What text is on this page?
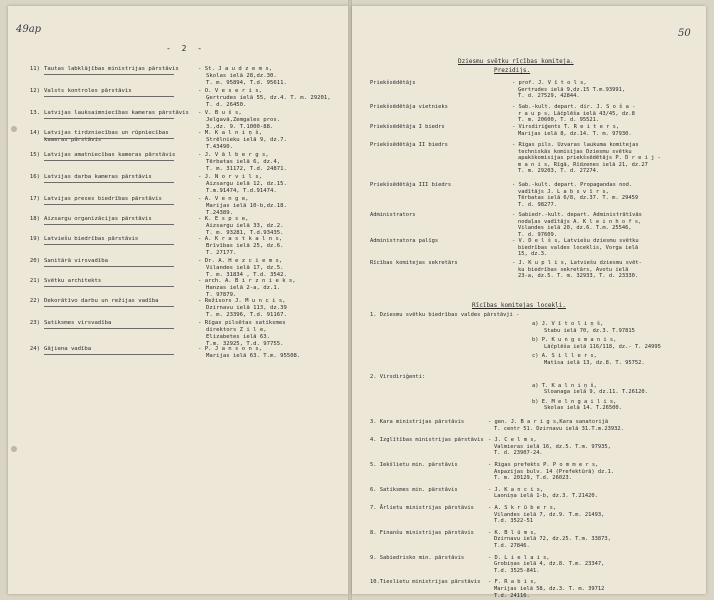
49ap
- 2 -
11) Tautas labklājības ministrijas pārstāvis	- St. J a u d z e m s,
Skolas ielā 28,dz.30.
T. m. 95894, T.d. 95611.
12) Valsts kontroles pārstāvis	- O. V e s e r i s,
Ģertrudes ielā 55, dz.4. T. m. 29201,
T. d. 26450.
13. Latvijas lauksaimniecības kameras pārstāvis	- V. B u š s,
Jelgavā,Zemgales pros.
3.,dz. 9. T.1000-88.
14) Latvijas tirdzniecības un rūpniecības kameras pārstāvis
- M. K a l n i ņ š,
Strēlnieku ielā 9, dz.7.
T.43490.
15) Latvijas amatniecības kameras pārstāvis	- J. V ā l b e r g s,
Tērbatas ielā 6, dz.4,
T. m. 31172, T.d. 24871.
16) Latvijas darba kameras pārstāvis	- J. N o r v i l s,
Aizsargu ielā 12, dz.15.
T.m.91474, T.d.91474.
17) Latvijas preses biedrības pārstāvis	- A. V e n g e,
Marijas ielā 10-b,dz.18.
T.24389.
18) Aizsargu organizācijas pārstāvis	- K. E s p s e,
Aizsargu ielā 33, dz.2.
T. m. 93281, T.d.93435.
19) Latviešu biedrības pārstāvis	- A. K r a s t k a l n s,
Brīvības ielā 25, dz.6.
T. 27177.
20) Sanitārā virsvadība	- Dr. A. H e z c i e m s,
Vilandes ielā 17, dz.5.
T. m. 31834 , T.d. 3542.
21) Svētku architekts	- arch. A. B i r z n i e k s,
Hanzas ielā 2-a, dz.1.
T. 97879.
22) Dekorātīvo darbu un režijas vadība	- Režisors J. M u n c i s,
Dzirnavu ielā 113, dz.39
T. m. 23396, T.d. 91167.
23) Satiksmes virsvadība	- Rīgas pilsētas satiksmes
direktors Z i l e,
Elizabetes ielā 63.
T.m. 32925, T.d. 97755.
24) Gājiena vadība	- P. J a n s o n s,
Marijas ielā 63. T.m. 95508.
50
Dziesmu svētku rīcības komiteja.
Prezidijs.
Priekšsēdētājs	- prof. J. V ī t o l s,
Ģertrudes ielā 9,dz.15 T.m.93991,
T. d. 27529, 42844.
Priekšsēdētāja vietnieks	- Sab.-kult. depart. dir. J. S o š a -
r a u p s, Lāčplēša ielā 43/45, dz.8
T. m. 20600, T. d. 95521.
Priekšsēdētāja I biedrs	- Virsdiriģents T. R e i t e r s,
Marijas ielā 8, dz.14. T. m. 97930.
Priekšsēdētāja II biedrs	- Rīgas pils. Uzvaras laukuma komitejas
techniskās komisijas Dziesmu svētku
apakškomisijas priekšsēdētājs P. D r e i j -
m a n i s, Rīgā, Rīdzenes ielā 21, dz.27
T. m. 29203, T. d. 27274.
Priekšsēdētāja III biedrs	- Sab.-kult. depart. Propagandas nod.
vadītājs J. L a b s v ī r s,
Tērbatas ielā 6/8, dz.37. T. m. 29459
T. d. 98277.
Administrators	- Sabiedr.-kult. depart. Administrātīvās
nodaļas vadītājs A. K l e i n h o f s,
Vilandes ielā 20, dz.6. T.m. 25546,
T. d. 97609.
Administratora palīgs	- V. D e l š s, Latviešu dziesmu svētku
biedrības valdes loceklis, Vorga ielā
15, dz.3.
Rīcības komitejas sekretārs	- J. K u p l i s, Latviešu dziesmu svēt-
ku biedrības sekretārs, Avotu ielā
23-a, dz.5. T. m. 32933, T. d. 23330.
Rīcības komitejas locekļi.
1. Dziesmu svētku biedrības valdes pārstāvji -
a) J. V ī t o l i ņ š,
Stabu ielā 70, dz.3. T.97815
b) P. K u n g s m a n i s,
Lāčplēša ielā 116/118, dz.- T. 24995
c) A. S i l l e r s,
Matīsa ielā 13, dz.8. T. 95752.
2. Virsdiriģenti:
a) T. K a l n i ņ š,
Sloanaga ielā 9, dz.11. T.26120.
b) E. M e l n g a i l i s,
Skolas ielā 14. T.26500.
3. Kara ministrijas pārstāvis	- gen. J. B a r i g s,Kara sanatorijā
T. centr 51. Dzirnavu ielā 31.T.m.23932.
4. Izglītības ministrijas pārstāvis - J. C e l m s,
Valmieras ielā 16, dz.5. T.m. 97935,
T. d. 23907-24.
5. Iekšlietu min. pārstāvis	- Rīgas prefekts P. P o m m e r s,
Aspazijas bulv. 14 (Prefektūrā) dz.1.
T. m. 20129, T.d. 26023.
6. Satiksmes min. pārstāvis	- J. K a n c i s,
Laoniņa ielā 1-b, dz.3. T.21420.
7. Ārlietu ministrijas pārstāvis	- A. S k r ū b e r s,
Vilandes ielā 7, dz.9. T.m. 21493,
T.d. 3522-51
8. Finanšu ministrijas pārstāvis	- K. B l ū m s,
Dzirnavu ielā 72, dz.25. T.m. 33873,
T.d. 27846.
9. Sabiedrisko min. pārstāvis	- D. L i e l a i s,
Grobiņas ielā 4, dz.8. T.m. 23347,
T.d. 3525-841.
10.Tieslietu ministrijas pārstāvis - F. R a b i s,
Marijas ielā 58, dz.3. T. m. 39712
T.d. 24116.
